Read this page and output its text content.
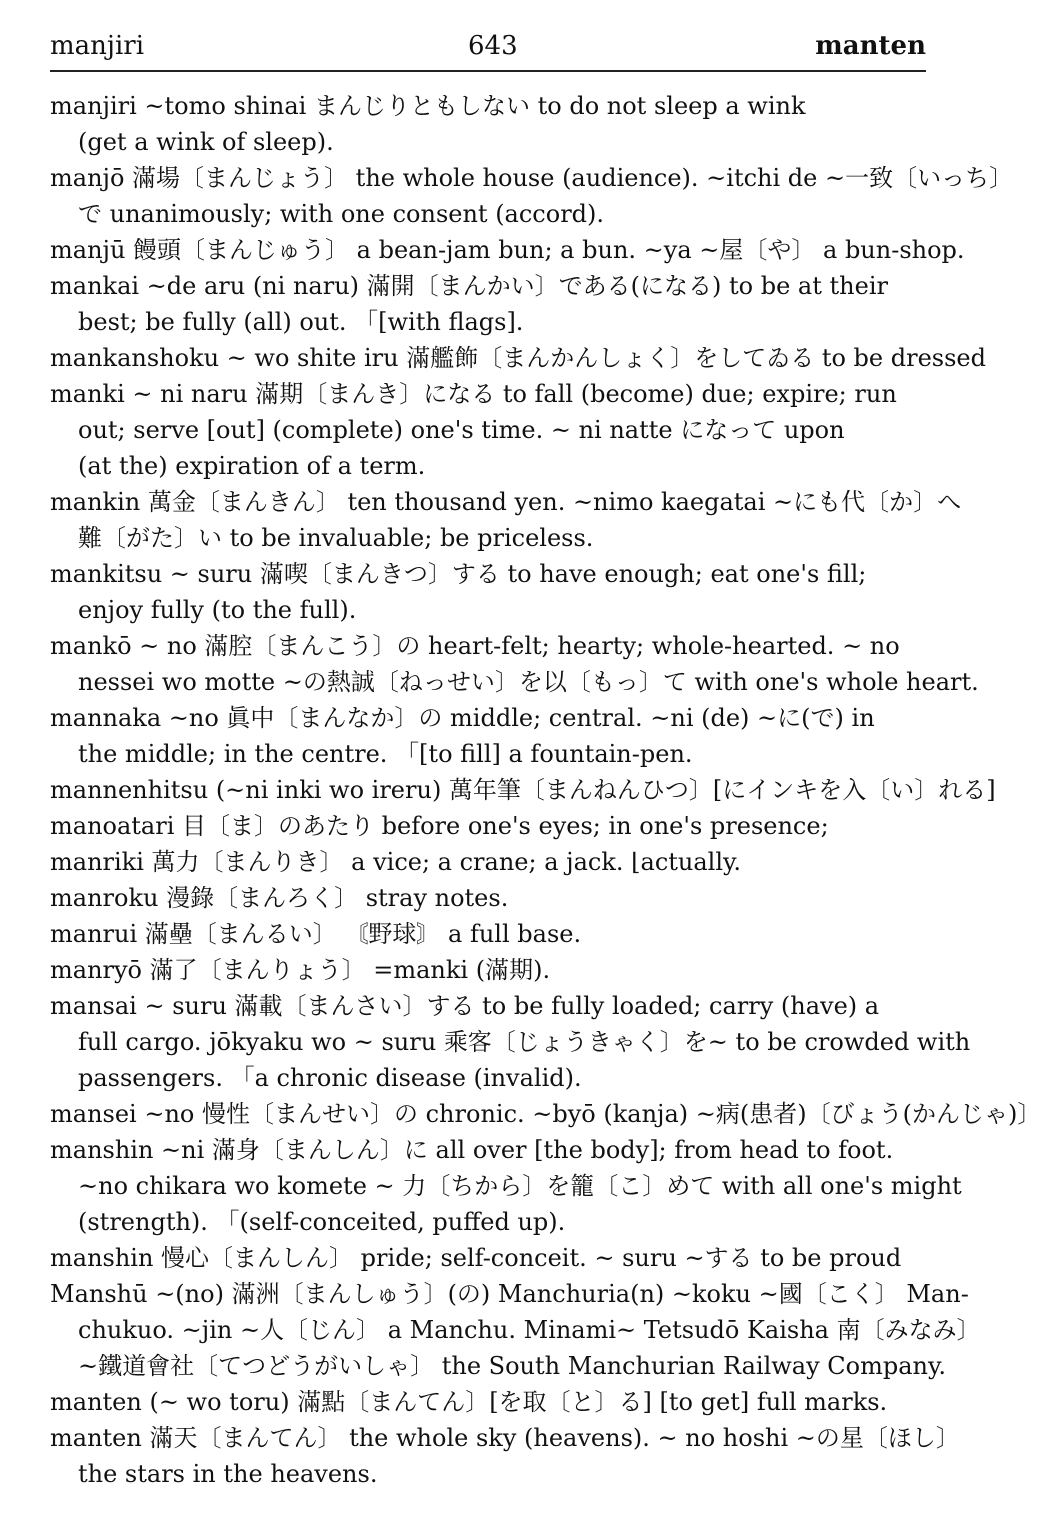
manjiri	643	manten
manjiri ~tomo shinai まんじりともしない to do not sleep a wink
(get a wink of sleep).
manjō 滿場〔まんじょう〕 the whole house (audience). ~itchi de ~一致〔いっち〕
で unanimously; with one consent (accord).
manjū 饅頭〔まんじゅう〕 a bean-jam bun; a bun. ~ya ~屋〔や〕 a bun-shop.
mankai ~de aru (ni naru) 滿開〔まんかい〕である(になる) to be at their
best; be fully (all) out. 「[with flags].
mankanshoku ~ wo shite iru 滿艦飾〔まんかんしょく〕をしてゐる to be dressed
manki ~ ni naru 滿期〔まんき〕になる to fall (become) due; expire; run
out; serve [out] (complete) one's time. ~ ni natte になって upon
(at the) expiration of a term.
mankin 萬金〔まんきん〕 ten thousand yen. ~nimo kaegatai ~にも代〔か〕へ
難〔がた〕い to be invaluable; be priceless.
mankitsu ~ suru 滿喫〔まんきつ〕する to have enough; eat one's fill;
enjoy fully (to the full).
mankō ~ no 滿腔〔まんこう〕の heart-felt; hearty; whole-hearted. ~ no
nessei wo motte ~の熱誠〔ねっせい〕を以〔もっ〕て with one's whole heart.
mannaka ~no 眞中〔まんなか〕の middle; central. ~ni (de) ~に(で) in
the middle; in the centre. 「[to fill] a fountain-pen.
mannenhitsu (~ni inki wo ireru) 萬年筆〔まんねんひつ〕[にインキを入〔い〕れる]
manoatari 目〔ま〕のあたり before one's eyes; in one's presence;
manriki 萬力〔まんりき〕 a vice; a crane; a jack. ⌊actually.
manroku 漫錄〔まんろく〕 stray notes.
manrui 滿壘〔まんるい〕 〘野球〙 a full base.
manryō 滿了〔まんりょう〕 =manki (滿期).
mansai ~ suru 滿載〔まんさい〕する to be fully loaded; carry (have) a
full cargo. jōkyaku wo ~ suru 乘客〔じょうきゃく〕を~ to be crowded with
passengers. 「a chronic disease (invalid).
mansei ~no 慢性〔まんせい〕の chronic. ~byō (kanja) ~病(患者)〔びょう(かんじゃ)〕
manshin ~ni 滿身〔まんしん〕に all over [the body]; from head to foot.
~no chikara wo komete ~ 力〔ちから〕を籠〔こ〕めて with all one's might
(strength). 「(self-conceited, puffed up).
manshin 慢心〔まんしん〕 pride; self-conceit. ~ suru ~する to be proud
Manshū ~(no) 滿洲〔まんしゅう〕(の) Manchuria(n) ~koku ~國〔こく〕 Man-
chukuo. ~jin ~人〔じん〕 a Manchu. Minami~ Tetsudō Kaisha 南〔みなみ〕
~鐵道會社〔てつどうがいしゃ〕 the South Manchurian Railway Company.
manten (~ wo toru) 滿點〔まんてん〕[を取〔と〕る] [to get] full marks.
manten 滿天〔まんてん〕 the whole sky (heavens). ~ no hoshi ~の星〔ほし〕
the stars in the heavens.
